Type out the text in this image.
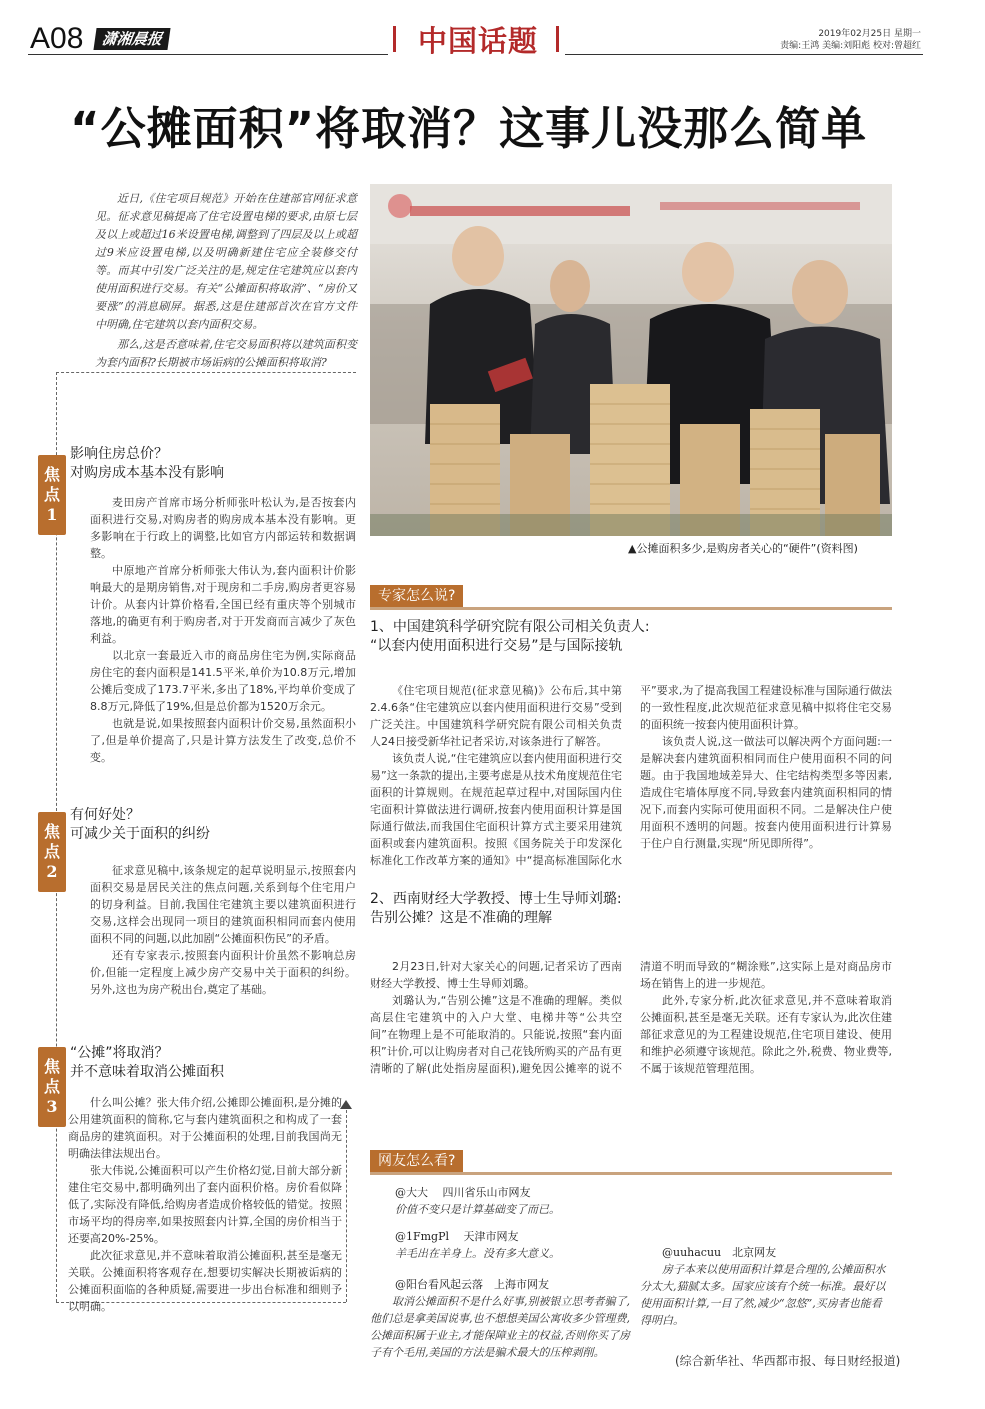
A08	潇湘晨报	中国话题	2019年02月25日 星期一
责编:王鸿 美编:刘阳彪 校对:曾超红
“公摊面积”将取消？这事儿没那么简单

近日,《住宅项目规范》开始在住建部官网征求意见。征求意见稿提高了住宅设置电梯的要求,由原七层及以上或超过16米设置电梯,调整到了四层及以上或超过9米应设置电梯,以及明确新建住宅应全装修交付等。而其中引发广泛关注的是,规定住宅建筑应以套内使用面积进行交易。有关“公摊面积将取消”、“房价又要涨”的消息刷屏。据悉,这是住建部首次在官方文件中明确,住宅建筑以套内面积交易。

那么,这是否意味着,住宅交易面积将以建筑面积变为套内面积?长期被市场诟病的公摊面积将取消?

焦
点
1
影响住房总价？
对购房成本基本没有影响

麦田房产首席市场分析师张叶松认为,是否按套内面积进行交易,对购房者的购房成本基本没有影响。更多影响在于行政上的调整,比如官方内部运转和数据调整。

中原地产首席分析师张大伟认为,套内面积计价影响最大的是期房销售,对于现房和二手房,购房者更容易计价。从套内计算价格看,全国已经有重庆等个别城市落地,的确更有利于购房者,对于开发商而言减少了灰色利益。

以北京一套最近入市的商品房住宅为例,实际商品房住宅的套内面积是141.5平米,单价为10.8万元,增加公摊后变成了173.7平米,多出了18%,平均单价变成了8.8万元,降低了19%,但是总价都为1520万余元。

也就是说,如果按照套内面积计价交易,虽然面积小了,但是单价提高了,只是计算方法发生了改变,总价不变。

焦
点
2
有何好处？
可减少关于面积的纠纷

征求意见稿中,该条规定的起草说明显示,按照套内面积交易是居民关注的焦点问题,关系到每个住宅用户的切身利益。目前,我国住宅建筑主要以建筑面积进行交易,这样会出现同一项目的建筑面积相同而套内使用面积不同的问题,以此加剧“公摊面积伤民”的矛盾。

还有专家表示,按照套内面积计价虽然不影响总房价,但能一定程度上减少房产交易中关于面积的纠纷。另外,这也为房产税出台,奠定了基础。

焦
点
3
“公摊”将取消？
并不意味着取消公摊面积

什么叫公摊？张大伟介绍,公摊即公摊面积,是分摊的公用建筑面积的简称,它与套内建筑面积之和构成了一套商品房的建筑面积。对于公摊面积的处理,目前我国尚无明确法律法规出台。

张大伟说,公摊面积可以产生价格幻觉,目前大部分新建住宅交易中,都明确列出了套内面积价格。房价看似降低了,实际没有降低,给购房者造成价格较低的错觉。按照市场平均的得房率,如果按照套内计算,全国的房价相当于还要高20%-25%。

此次征求意见,并不意味着取消公摊面积,甚至是毫无关联。公摊面积将客观存在,想要切实解决长期被诟病的公摊面积面临的各种质疑,需要进一步出台标准和细则予以明确。

▲公摊面积多少,是购房者关心的“硬件”(资料图)
专家怎么说?
1、中国建筑科学研究院有限公司相关负责人:
“以套内使用面积进行交易”是与国际接轨

《住宅项目规范(征求意见稿)》公布后,其中第2.4.6条“住宅建筑应以套内使用面积进行交易”受到广泛关注。中国建筑科学研究院有限公司相关负责人24日接受新华社记者采访,对该条进行了解答。

该负责人说,“住宅建筑应以套内使用面积进行交易”这一条款的提出,主要考虑是从技术角度规范住宅面积的计算规则。在规范起草过程中,对国际国内住宅面积计算做法进行调研,按套内使用面积计算是国际通行做法,而我国住宅面积计算方式主要采用建筑面积或套内建筑面积。按照《国务院关于印发深化标准化工作改革方案的通知》中“提高标准国际化水平”要求,为了提高我国工程建设标准与国际通行做法的一致性程度,此次规范征求意见稿中拟将住宅交易的面积统一按套内使用面积计算。

该负责人说,这一做法可以解决两个方面问题:一是解决套内建筑面积相同而住户使用面积不同的问题。由于我国地域差异大、住宅结构类型多等因素,造成住宅墙体厚度不同,导致套内建筑面积相同的情况下,而套内实际可使用面积不同。二是解决住户使用面积不透明的问题。按套内使用面积进行计算易于住户自行测量,实现“所见即所得”。

2、西南财经大学教授、博士生导师刘璐:
告别公摊？这是不准确的理解

2月23日,针对大家关心的问题,记者采访了西南财经大学教授、博士生导师刘璐。

刘璐认为,“告别公摊”这是不准确的理解。类似高层住宅建筑中的入户大堂、电梯井等“公共空间”在物理上是不可能取消的。只能说,按照“套内面积”计价,可以让购房者对自己花钱所购买的产品有更清晰的了解(此处指房屋面积),避免因公摊率的说不清道不明而导致的“糊涂账”,这实际上是对商品房市场在销售上的进一步规范。

此外,专家分析,此次征求意见,并不意味着取消公摊面积,甚至是毫无关联。还有专家认为,此次住建部征求意见的为工程建设规范,住宅项目建设、使用和维护必须遵守该规范。除此之外,税费、物业费等,不属于该规范管理范围。

网友怎么看?
@大大　 四川省乐山市网友
价值不变只是计算基础变了而已。
@1FmgPl　 天津市网友
羊毛出在羊身上。没有多大意义。
@阳台看风起云落　上海市网友
取消公摊面积不是什么好事,别被银立思考者骗了,他们总是拿美国说事,也不想想美国公寓收多少管理费,公摊面积属于业主,才能保障业主的权益,否则你买了房子有个毛用,美国的方法是骗术最大的压榨剥削。
@uuhacuu　北京网友
房子本来以使用面积计算是合理的,公摊面积水分太大,猫腻太多。国家应该有个统一标准。最好以使用面积计算,一目了然,减少“忽悠”,买房者也能看得明白。
(综合新华社、华西都市报、每日财经报道)
